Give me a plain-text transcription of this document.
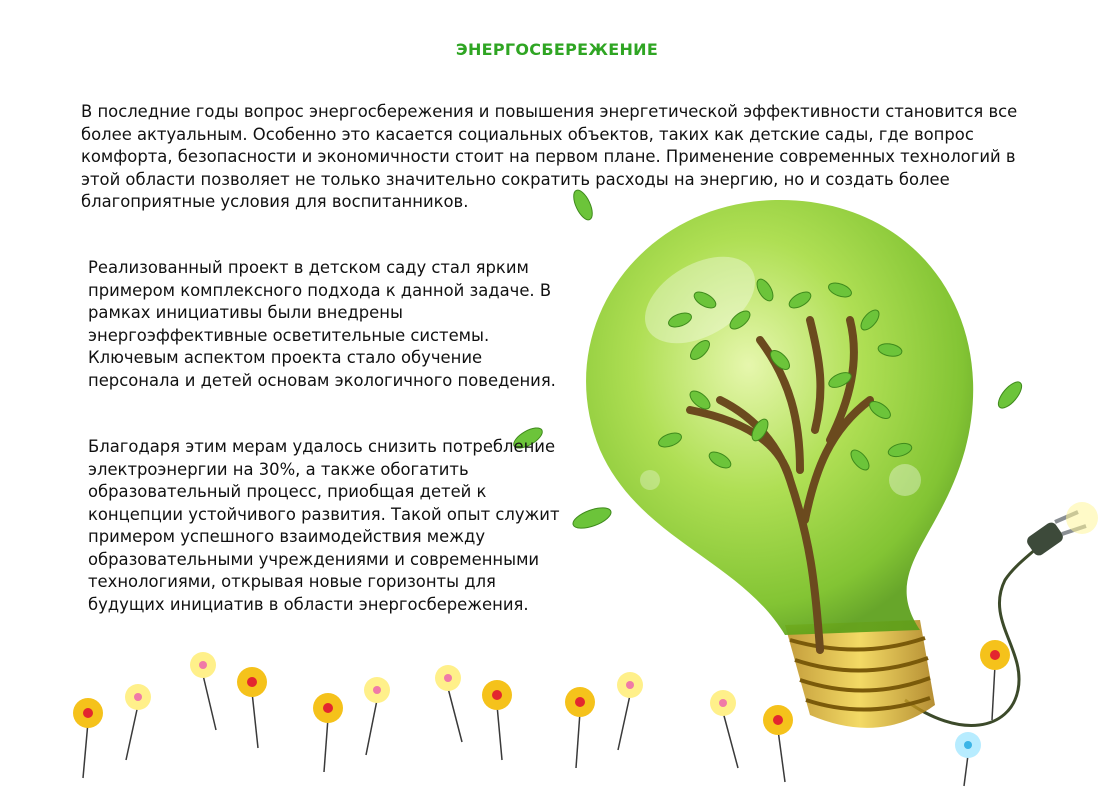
ЭНЕРГОСБЕРЕЖЕНИЕ

В последние годы вопрос энергосбережения и повышения энергетической эффективности становится все более актуальным. Особенно это касается социальных объектов, таких как детские сады, где вопрос комфорта, безопасности и экономичности стоит на первом плане. Применение современных технологий в этой области позволяет не только значительно сократить расходы на энергию, но и создать более благоприятные условия для воспитанников.

Реализованный проект в детском саду стал ярким примером комплексного подхода к данной задаче. В рамках инициативы были внедрены энергоэффективные осветительные системы. Ключевым аспектом проекта стало обучение персонала и детей основам экологичного поведения.

Благодаря этим мерам удалось снизить потребление электроэнергии на 30%, а также обогатить образовательный процесс, приобщая детей к концепции устойчивого развития. Такой опыт служит примером успешного взаимодействия между образовательными учреждениями и современными технологиями, открывая новые горизонты для будущих инициатив в области энергосбережения.
